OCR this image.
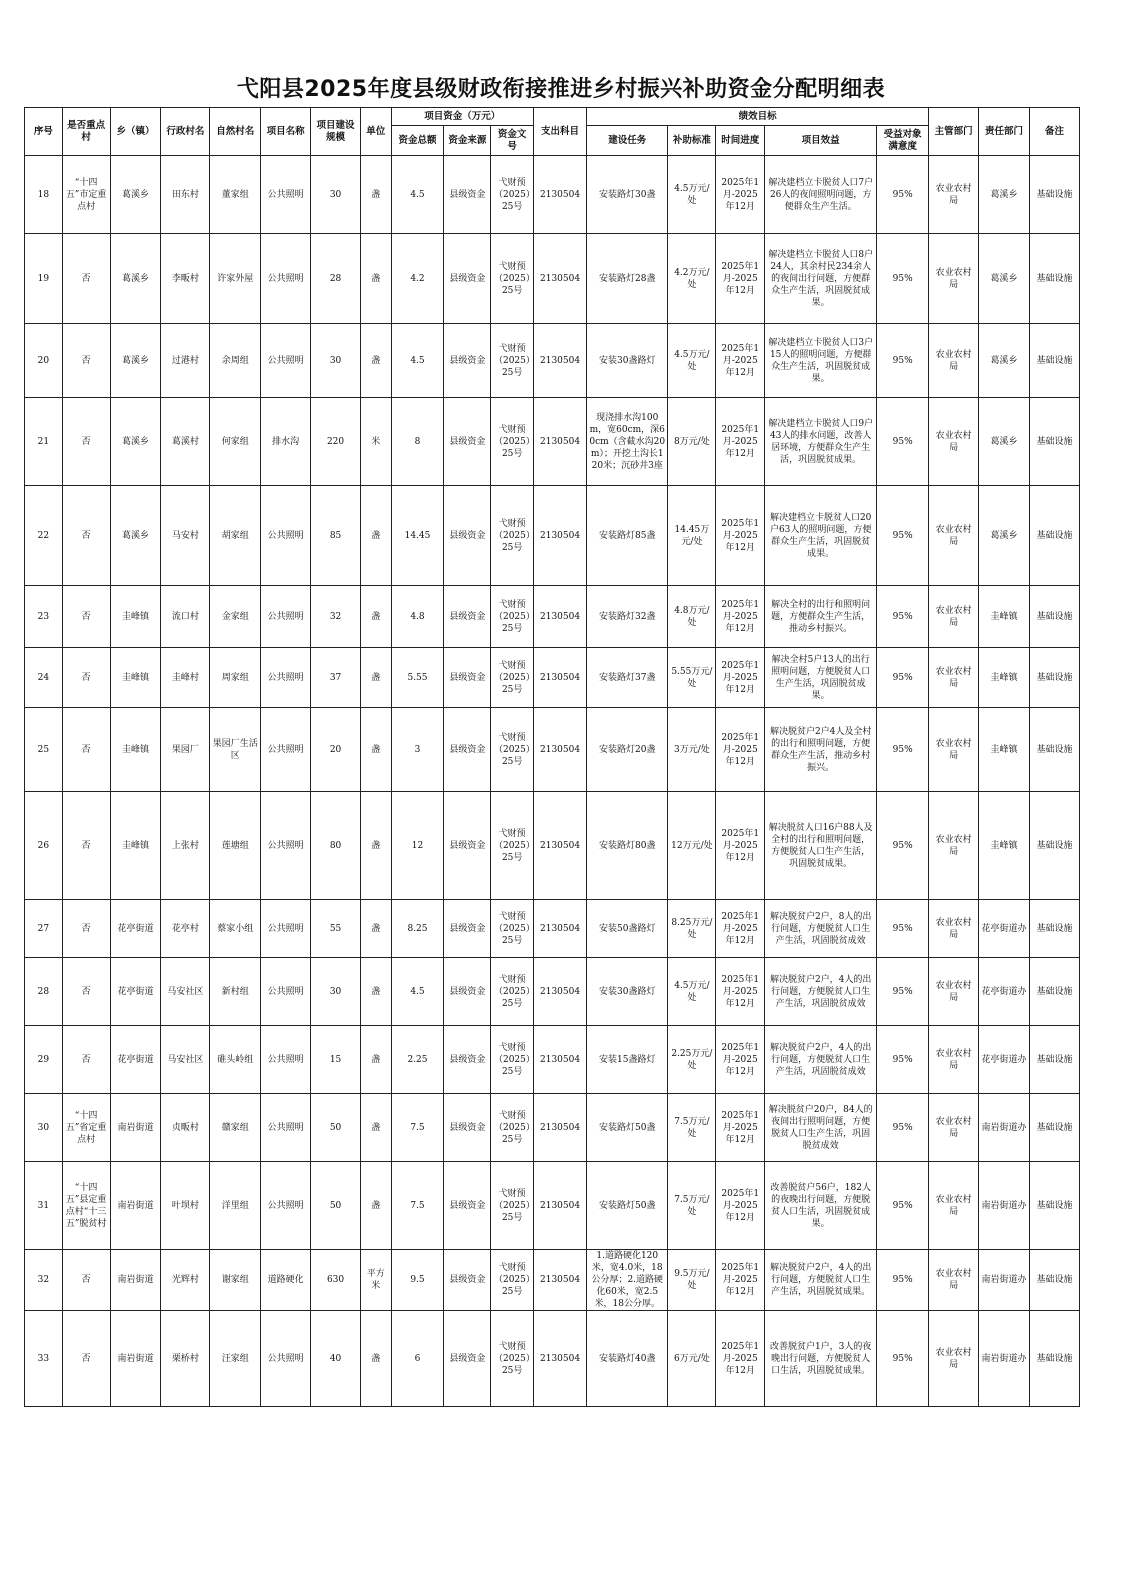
弋阳县2025年度县级财政衔接推进乡村振兴补助资金分配明细表
序号	是否重点村	乡（镇）	行政村名	自然村名	项目名称	项目建设规模	单位	项目资金（万元）			支出科目	绩效目标					主管部门	责任部门	备注
								资金总额	资金来源	资金文号		建设任务	补助标准	时间进度	项目效益	受益对象满意度			
18	“十四五”市定重点村	葛溪乡	田东村	董家组	公共照明	30	盏	4.5	县级资金	弋财预（2025）25号	2130504	安装路灯30盏	4.5万元/处	2025年1月-2025年12月	解决建档立卡脱贫人口7户26人的夜间照明问题，方便群众生产生活。	95%	农业农村局	葛溪乡	基础设施
19	否	葛溪乡	李畈村	许家外屋	公共照明	28	盏	4.2	县级资金	弋财预（2025）25号	2130504	安装路灯28盏	4.2万元/处	2025年1月-2025年12月	解决建档立卡脱贫人口8户24人，其余村民234余人的夜间出行问题，方便群众生产生活，巩固脱贫成果。	95%	农业农村局	葛溪乡	基础设施
20	否	葛溪乡	过港村	余周组	公共照明	30	盏	4.5	县级资金	弋财预（2025）25号	2130504	安装30盏路灯	4.5万元/处	2025年1月-2025年12月	解决建档立卡脱贫人口3户15人的照明问题，方便群众生产生活，巩固脱贫成果。	95%	农业农村局	葛溪乡	基础设施
21	否	葛溪乡	葛溪村	何家组	排水沟	220	米	8	县级资金	弋财预（2025）25号	2130504	现浇排水沟100m，宽60cm，深60cm（含截水沟20m）；开挖土沟长120米；沉砂井3座	8万元/处	2025年1月-2025年12月	解决建档立卡脱贫人口9户43人的排水问题，改善人居环境，方便群众生产生活，巩固脱贫成果。	95%	农业农村局	葛溪乡	基础设施
22	否	葛溪乡	马安村	胡家组	公共照明	85	盏	14.45	县级资金	弋财预（2025）25号	2130504	安装路灯85盏	14.45万元/处	2025年1月-2025年12月	解决建档立卡脱贫人口20户63人的照明问题，方便群众生产生活，巩固脱贫成果。	95%	农业农村局	葛溪乡	基础设施
23	否	圭峰镇	流口村	金家组	公共照明	32	盏	4.8	县级资金	弋财预（2025）25号	2130504	安装路灯32盏	4.8万元/处	2025年1月-2025年12月	解决全村的出行和照明问题，方便群众生产生活，推动乡村振兴。	95%	农业农村局	圭峰镇	基础设施
24	否	圭峰镇	圭峰村	周家组	公共照明	37	盏	5.55	县级资金	弋财预（2025）25号	2130504	安装路灯37盏	5.55万元/处	2025年1月-2025年12月	解决全村5户13人的出行照明问题，方便脱贫人口生产生活，巩固脱贫成果。	95%	农业农村局	圭峰镇	基础设施
25	否	圭峰镇	果园厂	果园厂生活区	公共照明	20	盏	3	县级资金	弋财预（2025）25号	2130504	安装路灯20盏	3万元/处	2025年1月-2025年12月	解决脱贫户2户4人及全村的出行和照明问题，方便群众生产生活，推动乡村振兴。	95%	农业农村局	圭峰镇	基础设施
26	否	圭峰镇	上张村	莲塘组	公共照明	80	盏	12	县级资金	弋财预（2025）25号	2130504	安装路灯80盏	12万元/处	2025年1月-2025年12月	解决脱贫人口16户88人及全村的出行和照明问题，方便脱贫人口生产生活，巩固脱贫成果。	95%	农业农村局	圭峰镇	基础设施
27	否	花亭街道	花亭村	蔡家小组	公共照明	55	盏	8.25	县级资金	弋财预（2025）25号	2130504	安装50盏路灯	8.25万元/处	2025年1月-2025年12月	解决脱贫户2户，8人的出行问题，方便脱贫人口生产生活，巩固脱贫成效	95%	农业农村局	花亭街道办	基础设施
28	否	花亭街道	马安社区	新村组	公共照明	30	盏	4.5	县级资金	弋财预（2025）25号	2130504	安装30盏路灯	4.5万元/处	2025年1月-2025年12月	解决脱贫户2户，4人的出行问题，方便脱贫人口生产生活，巩固脱贫成效	95%	农业农村局	花亭街道办	基础设施
29	否	花亭街道	马安社区	碓头岭组	公共照明	15	盏	2.25	县级资金	弋财预（2025）25号	2130504	安装15盏路灯	2.25万元/处	2025年1月-2025年12月	解决脱贫户2户，4人的出行问题，方便脱贫人口生产生活，巩固脱贫成效	95%	农业农村局	花亭街道办	基础设施
30	“十四五”省定重点村	南岩街道	贞畈村	赣家组	公共照明	50	盏	7.5	县级资金	弋财预（2025）25号	2130504	安装路灯50盏	7.5万元/处	2025年1月-2025年12月	解决脱贫户20户，84人的夜间出行照明问题，方便脱贫人口生产生活，巩固脱贫成效	95%	农业农村局	南岩街道办	基础设施
31	“十四五”县定重点村“十三五”脱贫村	南岩街道	叶坝村	洋里组	公共照明	50	盏	7.5	县级资金	弋财预（2025）25号	2130504	安装路灯50盏	7.5万元/处	2025年1月-2025年12月	改善脱贫户56户，182人的夜晚出行问题，方便脱贫人口生活，巩固脱贫成果。	95%	农业农村局	南岩街道办	基础设施
32	否	南岩街道	光辉村	谢家组	道路硬化	630	平方米	9.5	县级资金	弋财预（2025）25号	2130504	1.道路硬化120米，宽4.0米，18公分厚；2.道路硬化60米，宽2.5米，18公分厚。	9.5万元/处	2025年1月-2025年12月	解决脱贫户2户，4人的出行问题，方便脱贫人口生产生活，巩固脱贫成果。	95%	农业农村局	南岩街道办	基础设施
33	否	南岩街道	栗桥村	汪家组	公共照明	40	盏	6	县级资金	弋财预（2025）25号	2130504	安装路灯40盏	6万元/处	2025年1月-2025年12月	改善脱贫户1户，3人的夜晚出行问题，方便脱贫人口生活，巩固脱贫成果。	95%	农业农村局	南岩街道办	基础设施
